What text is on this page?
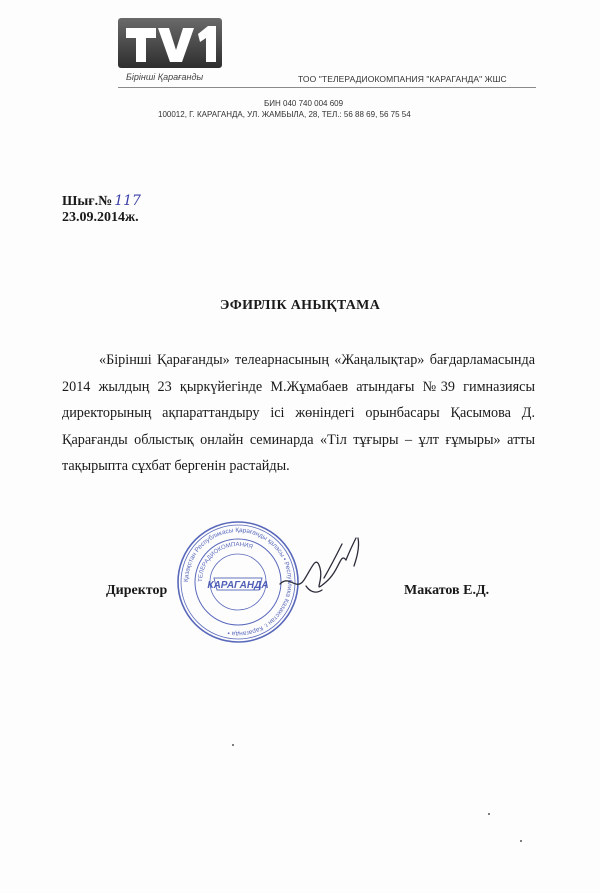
TV1
Бірінші Қарағанды	ТОО "ТЕЛЕРАДИОКОМПАНИЯ "КАРАГАНДА" ЖШС
БИН 040 740 004 609
100012, Г. КАРАГАНДА, УЛ. ЖАМБЫЛА, 28, ТЕЛ.: 56 88 69, 56 75 54
Шығ.№ 117
23.09.2014ж.
ЭФИРЛІК АНЫҚТАМА
«Бірінші Қарағанды» телеарнасының «Жаңалықтар» бағдарламасында 2014 жылдың 23 қыркүйегінде М.Жұмабаев атындағы №39 гимназиясы директорының ақпараттандыру ісі жөніндегі орынбасары Қасымова Д. Қарағанды облыстық онлайн семинарда «Тіл тұғыры – ұлт ғұмыры» атты тақырыпта сұхбат бергенін растайды.
Директор
Қазақстан Республикасы Қарағанды қаласы • Республика Казахстан г. Караганда •
ТЕЛЕРАДИОКОМПАНИЯ
КАРАГАНДА	Макатов Е.Д.
